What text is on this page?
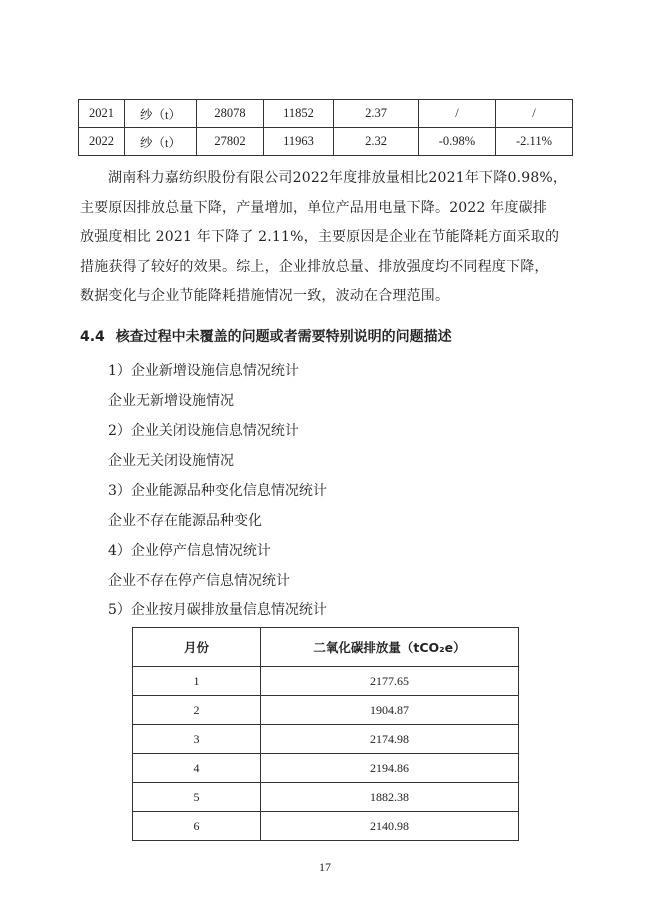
2021	纱（t）	28078	11852	2.37	/	/
2022	纱（t）	27802	11963	2.32	-0.98%	-2.11%

湖南科力嘉纺织股份有限公司2022年度排放量相比2021年下降0.98%，

主要原因排放总量下降，产量增加，单位产品用电量下降。2022 年度碳排

放强度相比 2021 年下降了 2.11%，主要原因是企业在节能降耗方面采取的

措施获得了较好的效果。综上，企业排放总量、排放强度均不同程度下降，

数据变化与企业节能降耗措施情况一致，波动在合理范围。

4.4 核查过程中未覆盖的问题或者需要特别说明的问题描述
1）企业新增设施信息情况统计
企业无新增设施情况
2）企业关闭设施信息情况统计
企业无关闭设施情况
3）企业能源品种变化信息情况统计
企业不存在能源品种变化
4）企业停产信息情况统计
企业不存在停产信息情况统计
5）企业按月碳排放量信息情况统计
月份	二氧化碳排放量（tCO₂e）
1	2177.65
2	1904.87
3	2174.98
4	2194.86
5	1882.38
6	2140.98
17
